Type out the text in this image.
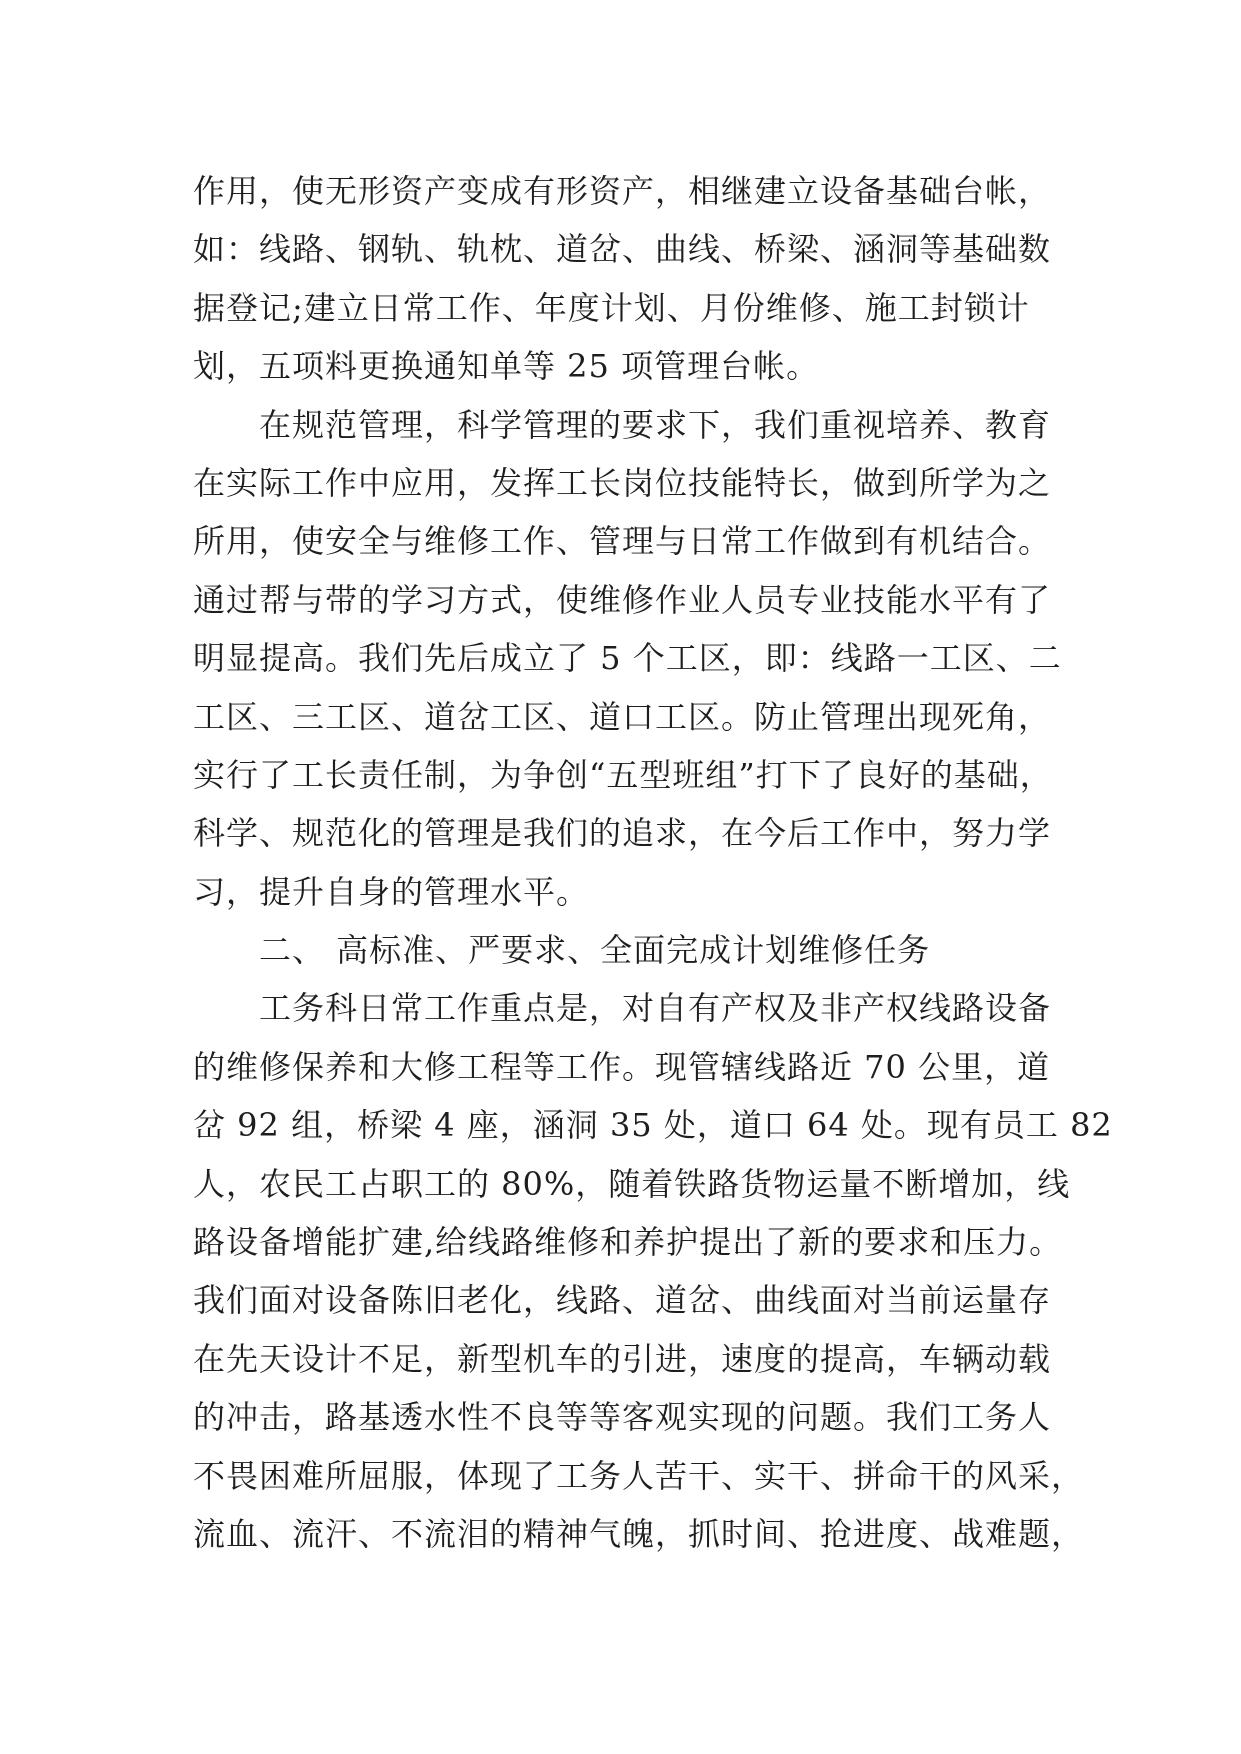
作用，使无形资产变成有形资产，相继建立设备基础台帐，
如：线路、钢轨、轨枕、道岔、曲线、桥梁、涵洞等基础数
据登记;建立日常工作、年度计划、月份维修、施工封锁计
划，五项料更换通知单等 25 项管理台帐。
在规范管理，科学管理的要求下，我们重视培养、教育
在实际工作中应用，发挥工长岗位技能特长，做到所学为之
所用，使安全与维修工作、管理与日常工作做到有机结合。
通过帮与带的学习方式，使维修作业人员专业技能水平有了
明显提高。我们先后成立了 5 个工区，即：线路一工区、二
工区、三工区、道岔工区、道口工区。防止管理出现死角，
实行了工长责任制，为争创“五型班组”打下了良好的基础，
科学、规范化的管理是我们的追求，在今后工作中，努力学
习，提升自身的管理水平。
二、 高标准、严要求、全面完成计划维修任务
工务科日常工作重点是，对自有产权及非产权线路设备
的维修保养和大修工程等工作。现管辖线路近 70 公里，道
岔 92 组，桥梁 4 座，涵洞 35 处，道口 64 处。现有员工 82
人，农民工占职工的 80%，随着铁路货物运量不断增加，线
路设备增能扩建,给线路维修和养护提出了新的要求和压力。
我们面对设备陈旧老化，线路、道岔、曲线面对当前运量存
在先天设计不足，新型机车的引进，速度的提高，车辆动载
的冲击，路基透水性不良等等客观实现的问题。我们工务人
不畏困难所屈服，体现了工务人苦干、实干、拼命干的风采，
流血、流汗、不流泪的精神气魄，抓时间、抢进度、战难题，
